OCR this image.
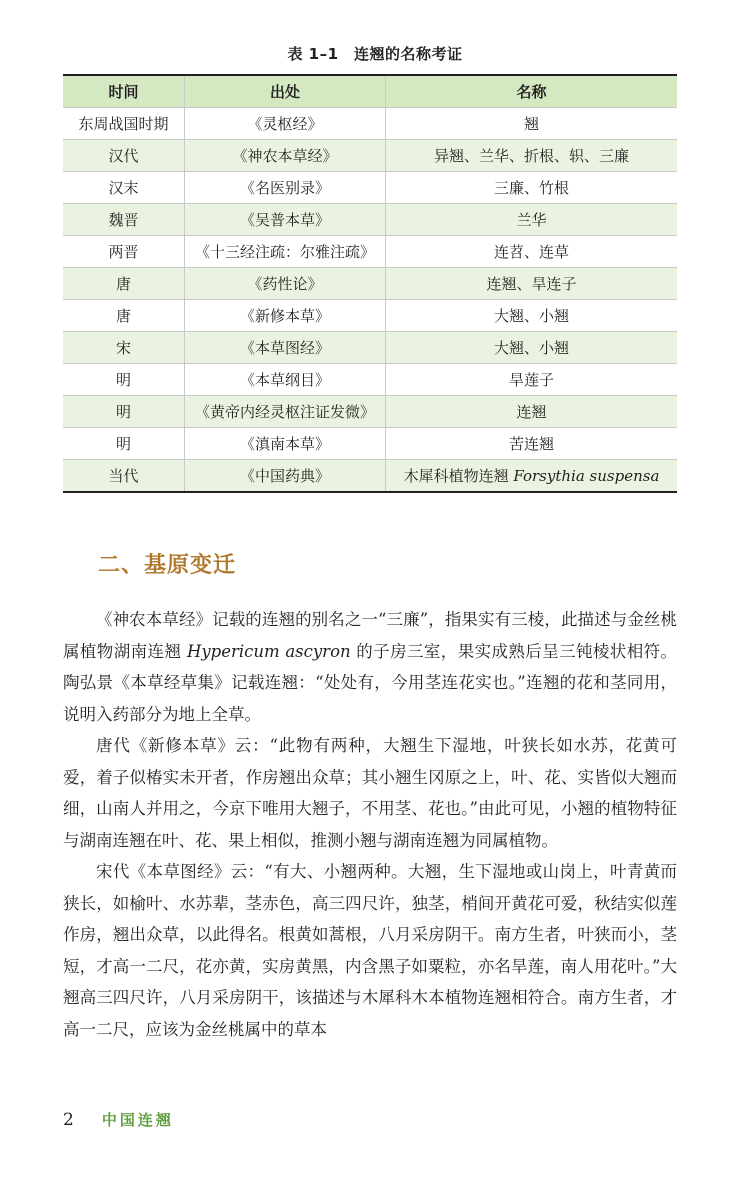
表 1–1　连翘的名称考证
时间	出处	名称
东周战国时期	《灵枢经》	翘
汉代	《神农本草经》	异翘、兰华、折根、轵、三廉
汉末	《名医别录》	三廉、竹根
魏晋	《吴普本草》	兰华
两晋	《十三经注疏：尔雅注疏》	连苕、连草
唐	《药性论》	连翘、旱连子
唐	《新修本草》	大翘、小翘
宋	《本草图经》	大翘、小翘
明	《本草纲目》	旱莲子
明	《黄帝内经灵枢注证发微》	连翘
明	《滇南本草》	苦连翘
当代	《中国药典》	木犀科植物连翘 Forsythia suspensa
二、基原变迁

《神农本草经》记载的连翘的别名之一“三廉”，指果实有三棱，此描述与金丝桃属植物湖南连翘 Hypericum ascyron 的子房三室，果实成熟后呈三钝棱状相符。陶弘景《本草经草集》记载连翘：“处处有，今用茎连花实也。”连翘的花和茎同用，说明入药部分为地上全草。

唐代《新修本草》云：“此物有两种，大翘生下湿地，叶狭长如水苏，花黄可爱，着子似椿实未开者，作房翘出众草；其小翘生冈原之上，叶、花、实皆似大翘而细，山南人并用之，今京下唯用大翘子，不用茎、花也。”由此可见，小翘的植物特征与湖南连翘在叶、花、果上相似，推测小翘与湖南连翘为同属植物。

宋代《本草图经》云：“有大、小翘两种。大翘，生下湿地或山岗上，叶青黄而狭长，如榆叶、水苏辈，茎赤色，高三四尺许，独茎，梢间开黄花可爱，秋结实似莲作房，翘出众草，以此得名。根黄如蒿根，八月采房阴干。南方生者，叶狭而小，茎短，才高一二尺，花亦黄，实房黄黑，内含黑子如粟粒，亦名旱莲，南人用花叶。”大翘高三四尺许，八月采房阴干，该描述与木犀科木本植物连翘相符合。南方生者，才高一二尺，应该为金丝桃属中的草本

2 中国连翘
